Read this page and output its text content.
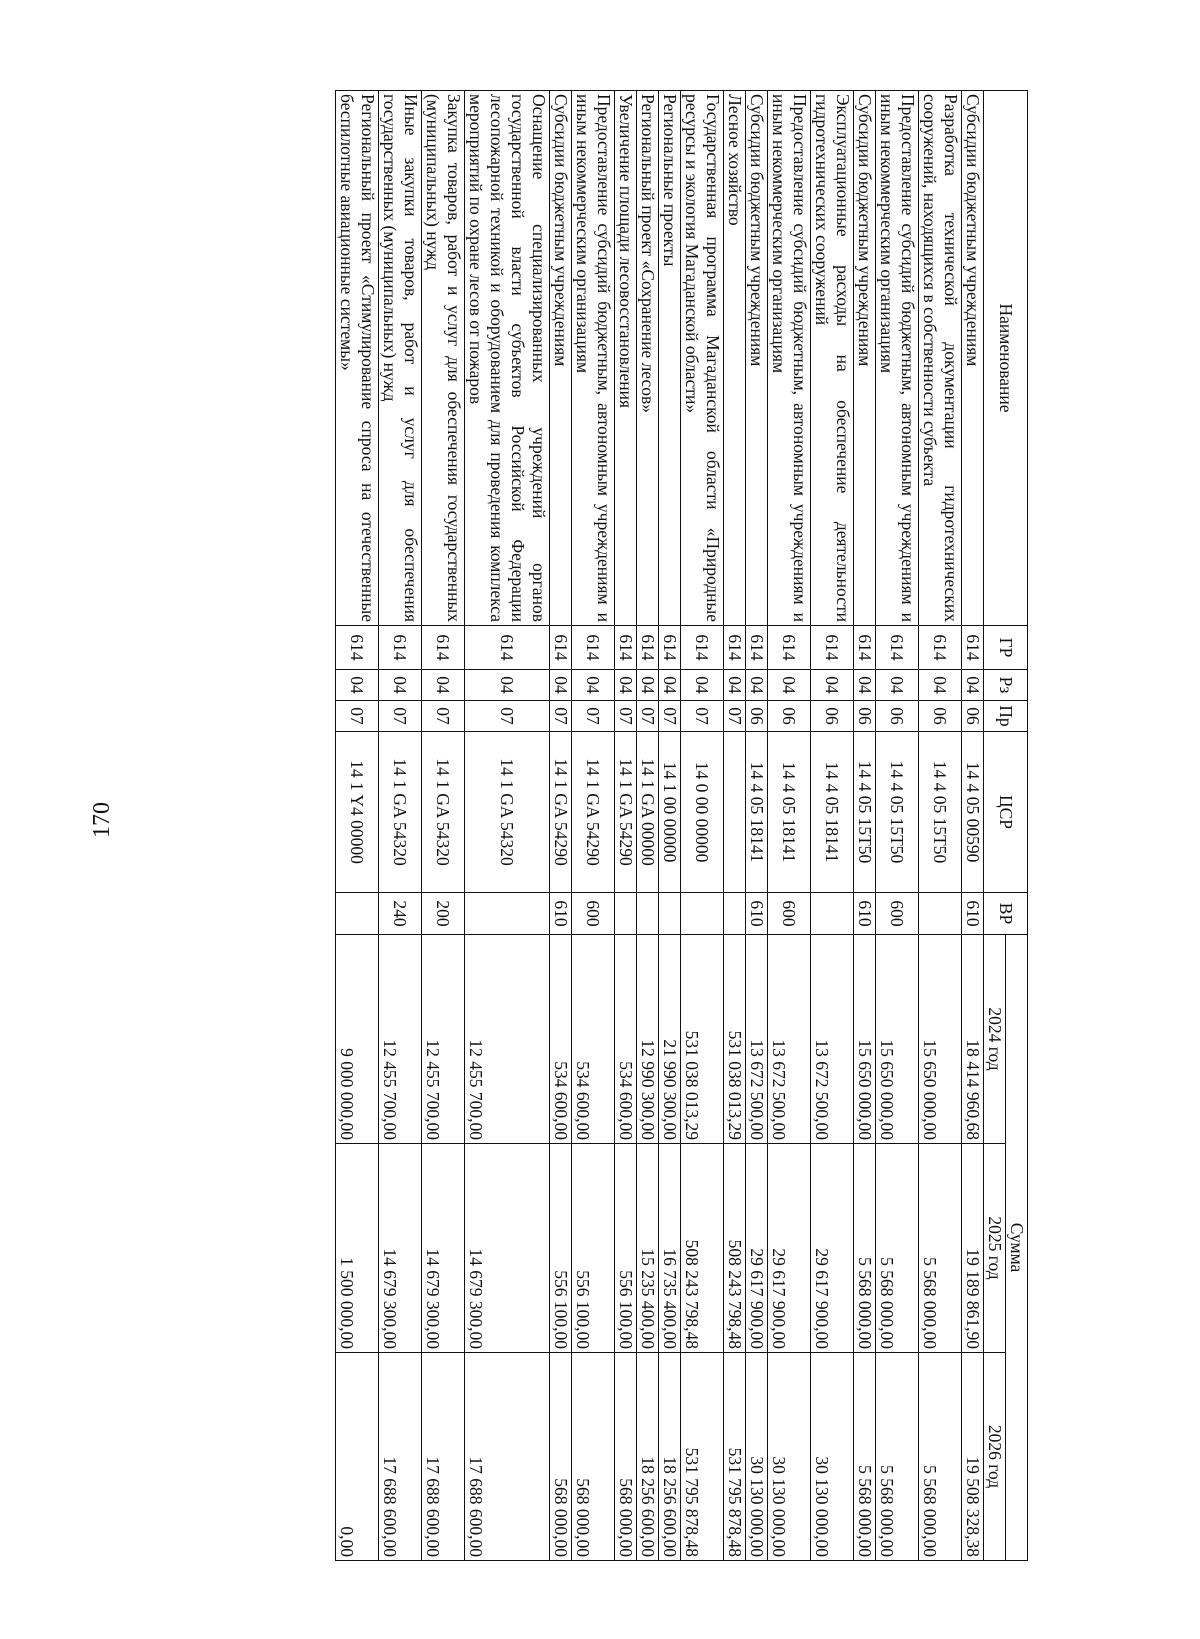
170
Наименование	ГР	Рз	Пр	ЦСР	ВР	Сумма		
						2024 год	2025 год	2026 год
Субсидии бюджетным учреждениям	614	04	06	14 4 05 00590	610	18 414 960,68	19 189 861,90	19 508 328,38
Разработка технической документации гидротехнических сооружений, находящихся в собственности субъекта	614	04	06	14 4 05 15Т50		15 650 000,00	5 568 000,00	5 568 000,00
Предоставление субсидий бюджетным, автономным учреждениям и иным некоммерческим организациям	614	04	06	14 4 05 15Т50	600	15 650 000,00	5 568 000,00	5 568 000,00
Субсидии бюджетным учреждениям	614	04	06	14 4 05 15Т50	610	15 650 000,00	5 568 000,00	5 568 000,00
Эксплуатационные расходы на обеспечение деятельности гидротехнических сооружений	614	04	06	14 4 05 18141		13 672 500,00	29 617 900,00	30 130 000,00
Предоставление субсидий бюджетным, автономным учреждениям и иным некоммерческим организациям	614	04	06	14 4 05 18141	600	13 672 500,00	29 617 900,00	30 130 000,00
Субсидии бюджетным учреждениям	614	04	06	14 4 05 18141	610	13 672 500,00	29 617 900,00	30 130 000,00
Лесное хозяйство	614	04	07			531 038 013,29	508 243 798,48	531 795 878,48
Государственная программа Магаданской области «Природные ресурсы и экология Магаданской области»	614	04	07	14 0 00 00000		531 038 013,29	508 243 798,48	531 795 878,48
Региональные проекты	614	04	07	14 1 00 00000		21 990 300,00	16 735 400,00	18 256 600,00
Региональный проект «Сохранение лесов»	614	04	07	14 1 GA 00000		12 990 300,00	15 235 400,00	18 256 600,00
Увеличение площади лесовосстановления	614	04	07	14 1 GA 54290		534 600,00	556 100,00	568 000,00
Предоставление субсидий бюджетным, автономным учреждениям и иным некоммерческим организациям	614	04	07	14 1 GA 54290	600	534 600,00	556 100,00	568 000,00
Субсидии бюджетным учреждениям	614	04	07	14 1 GA 54290	610	534 600,00	556 100,00	568 000,00
Оснащение специализированных учреждений органов государственной власти субъектов Российской Федерации лесопожарной техникой и оборудованием для проведения комплекса мероприятий по охране лесов от пожаров	614	04	07	14 1 GA 54320		12 455 700,00	14 679 300,00	17 688 600,00
Закупка товаров, работ и услуг для обеспечения государственных (муниципальных) нужд	614	04	07	14 1 GA 54320	200	12 455 700,00	14 679 300,00	17 688 600,00
Иные закупки товаров, работ и услуг для обеспечения государственных (муниципальных) нужд	614	04	07	14 1 GA 54320	240	12 455 700,00	14 679 300,00	17 688 600,00
Региональный проект «Стимулирование спроса на отечественные беспилотные авиационные системы»	614	04	07	14 1 Y4 00000		9 000 000,00	1 500 000,00	0,00
